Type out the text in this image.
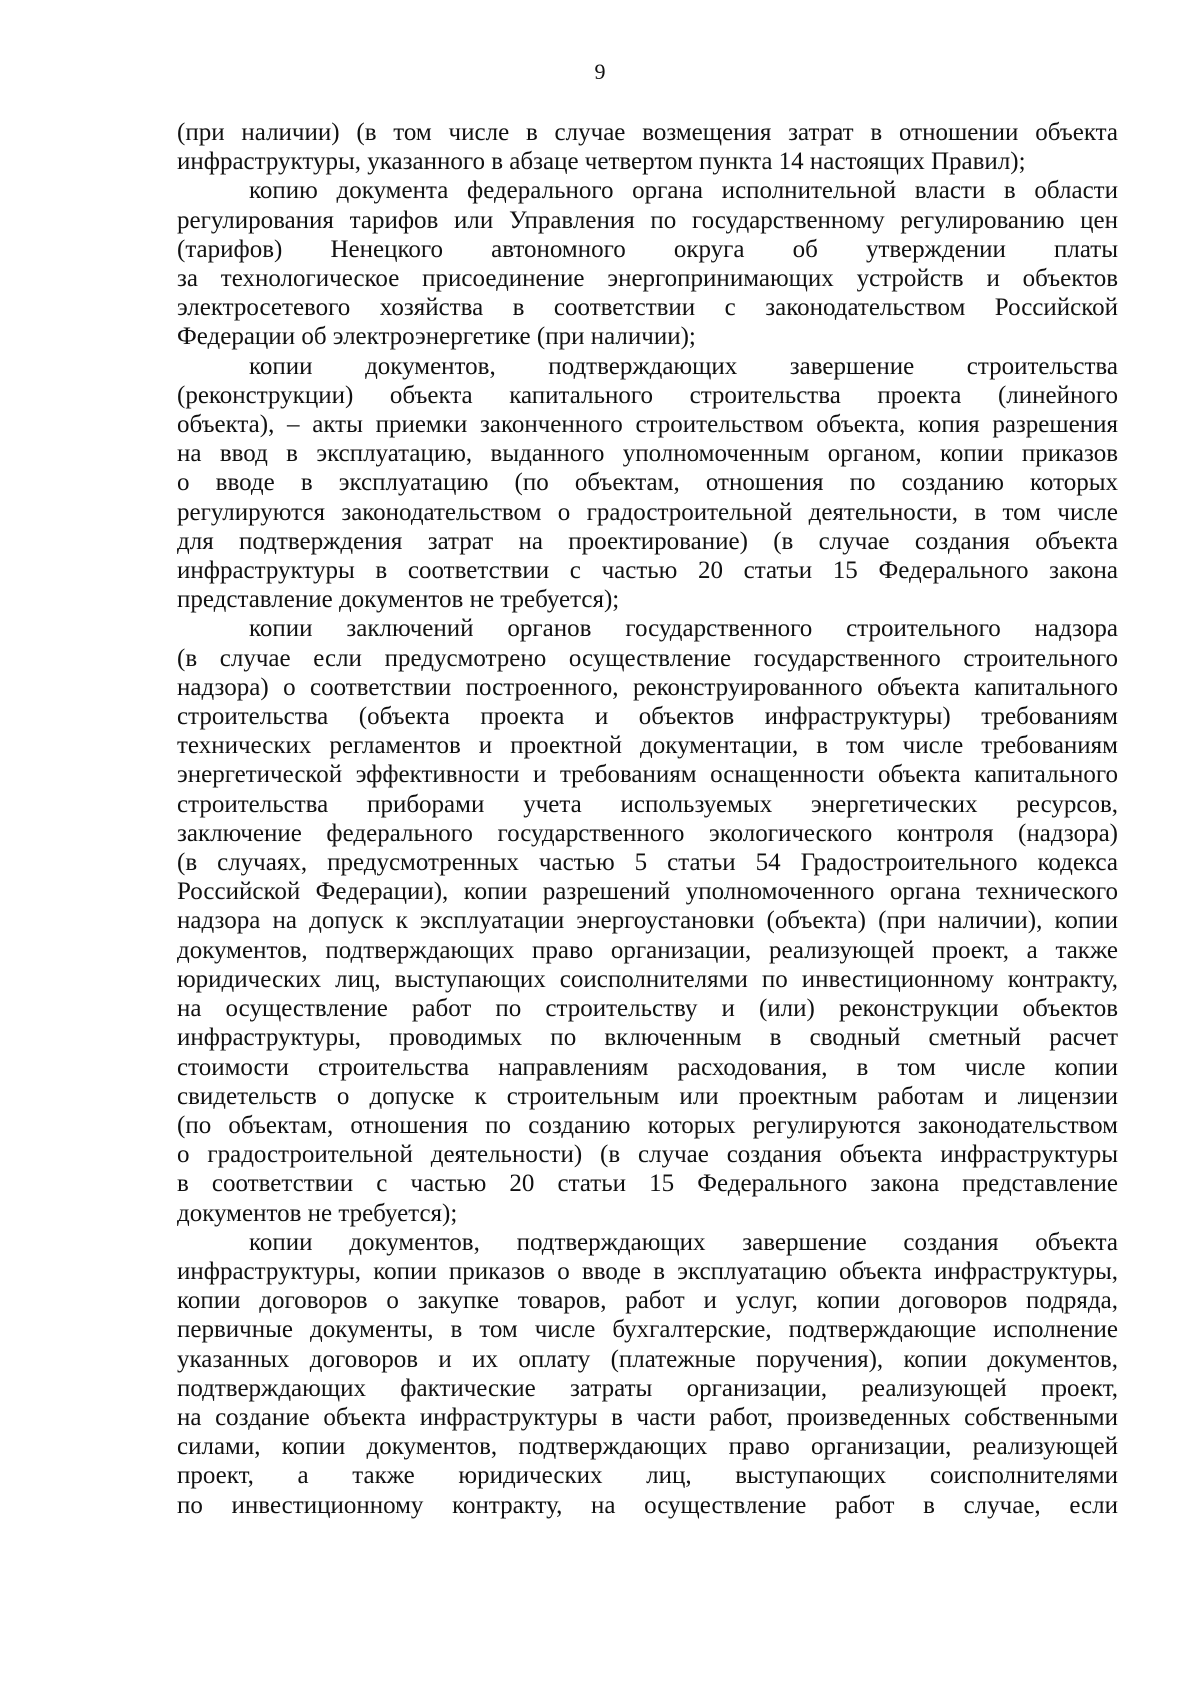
9
(при наличии) (в том числе в случае возмещения затрат в отношении объекта
инфраструктуры, указанного в абзаце четвертом пункта 14 настоящих Правил);
копию документа федерального органа исполнительной власти в области
регулирования тарифов или Управления по государственному регулированию цен
(тарифов) Ненецкого автономного округа об утверждении платы
за технологическое присоединение энергопринимающих устройств и объектов
электросетевого хозяйства в соответствии с законодательством Российской
Федерации об электроэнергетике (при наличии);
копии документов, подтверждающих завершение строительства
(реконструкции) объекта капитального строительства проекта (линейного
объекта), – акты приемки законченного строительством объекта, копия разрешения
на ввод в эксплуатацию, выданного уполномоченным органом, копии приказов
о вводе в эксплуатацию (по объектам, отношения по созданию которых
регулируются законодательством о градостроительной деятельности, в том числе
для подтверждения затрат на проектирование) (в случае создания объекта
инфраструктуры в соответствии с частью 20 статьи 15 Федерального закона
представление документов не требуется);
копии заключений органов государственного строительного надзора
(в случае если предусмотрено осуществление государственного строительного
надзора) о соответствии построенного, реконструированного объекта капитального
строительства (объекта проекта и объектов инфраструктуры) требованиям
технических регламентов и проектной документации, в том числе требованиям
энергетической эффективности и требованиям оснащенности объекта капитального
строительства приборами учета используемых энергетических ресурсов,
заключение федерального государственного экологического контроля (надзора)
(в случаях, предусмотренных частью 5 статьи 54 Градостроительного кодекса
Российской Федерации), копии разрешений уполномоченного органа технического
надзора на допуск к эксплуатации энергоустановки (объекта) (при наличии), копии
документов, подтверждающих право организации, реализующей проект, а также
юридических лиц, выступающих соисполнителями по инвестиционному контракту,
на осуществление работ по строительству и (или) реконструкции объектов
инфраструктуры, проводимых по включенным в сводный сметный расчет
стоимости строительства направлениям расходования, в том числе копии
свидетельств о допуске к строительным или проектным работам и лицензии
(по объектам, отношения по созданию которых регулируются законодательством
о градостроительной деятельности) (в случае создания объекта инфраструктуры
в соответствии с частью 20 статьи 15 Федерального закона представление
документов не требуется);
копии документов, подтверждающих завершение создания объекта
инфраструктуры, копии приказов о вводе в эксплуатацию объекта инфраструктуры,
копии договоров о закупке товаров, работ и услуг, копии договоров подряда,
первичные документы, в том числе бухгалтерские, подтверждающие исполнение
указанных договоров и их оплату (платежные поручения), копии документов,
подтверждающих фактические затраты организации, реализующей проект,
на создание объекта инфраструктуры в части работ, произведенных собственными
силами, копии документов, подтверждающих право организации, реализующей
проект, а также юридических лиц, выступающих соисполнителями
по инвестиционному контракту, на осуществление работ в случае, если
